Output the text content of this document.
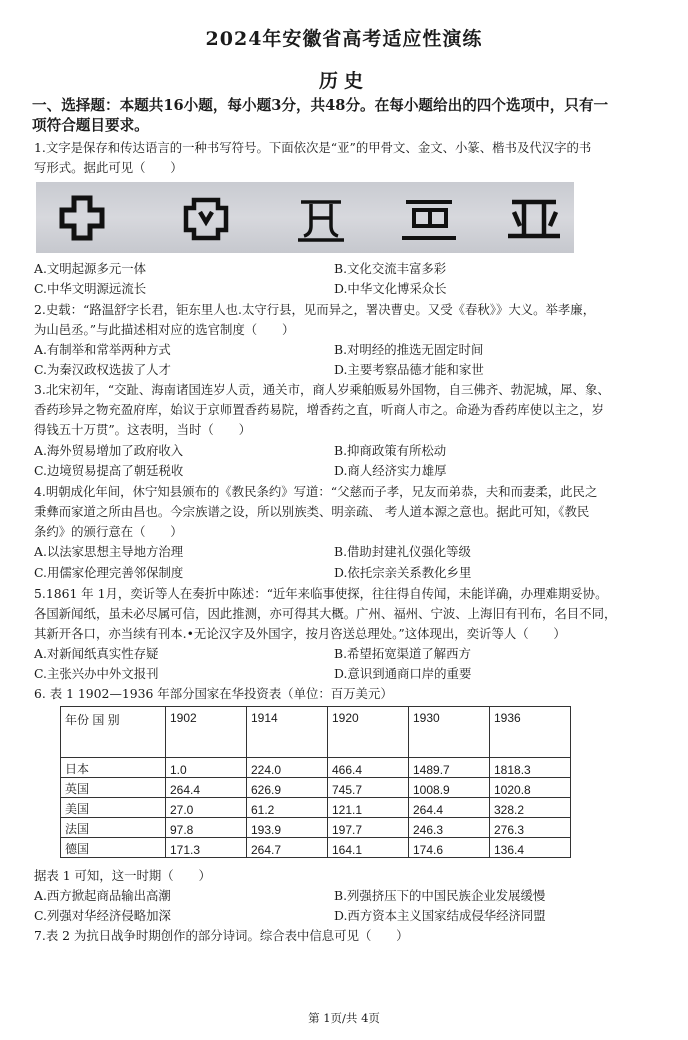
2024年安徽省高考适应性演练
历史
一、选择题：本题共16小题，每小题3分，共48分。在每小题给出的四个选项中，只有一
项符合题目要求。
1.文字是保存和传达语言的一种书写符号。下面依次是“亚”的甲骨文、金文、小篆、楷书及代汉字的书
写形式。据此可见（　　）
A.文明起源多元一体	B.文化交流丰富多彩
C.中华文明源远流长	D.中华文化博采众长
2.史载：“路温舒字长君，钜东里人也.太守行县，见而异之，署决曹史。又受《春秋》》大义。举孝廉，
为山邑丞。”与此描述相对应的选官制度（　　）
A.有制举和常举两种方式	B.对明经的推选无固定时间
C.为秦汉政权选拔了人才	D.主要考察品德才能和家世
3.北宋初年，“交趾、海南诸国连岁人贡，通关市，商人岁乘舶贩易外国物，自三佛齐、勃泥城，犀、象、
香药珍异之物充盈府库，始议于京师置香药易院，增香药之直，听商人市之。命逊为香药库使以主之，岁
得钱五十万贯”。这表明，当时（　　）
A.海外贸易增加了政府收入	B.抑商政策有所松动
C.边境贸易提高了朝廷税收	D.商人经济实力雄厚
4.明朝成化年间，休宁知县颁布的《教民条约》写道：“父慈而子孝，兄友而弟恭，夫和而妻柔，此民之
秉彝而家道之所由昌也。今宗族谱之设，所以别族类、明亲疏、 考人道本源之意也。据此可知，《教民
条约》的颁行意在（　　）
A.以法家思想主导地方治理	B.借助封建礼仪强化等级
C.用儒家伦理完善邻保制度	D.依托宗亲关系教化乡里
5.1861 年 1月，奕䜣等人在奏折中陈述：“近年来临事使探，往往得自传闻，未能详确，办理难期妥协。
各国新闻纸，虽未必尽属可信，因此推测，亦可得其大概。广州、福州、宁波、上海旧有刊布，名目不同，
其新开各口，亦当续有刊本.•无论汉字及外国字，按月咨送总理处。”这体现出，奕䜣等人（　　）
A.对新闻纸真实性存疑	B.希望拓宽渠道了解西方
C.主张兴办中外文报刊	D.意识到通商口岸的重要
6. 表 1 1902—1936 年部分国家在华投资表（单位：百万美元）
年份 国 别	1902	1914	1920	1930	1936
日本	1.0	224.0	466.4	1489.7	1818.3
英国	264.4	626.9	745.7	1008.9	1020.8
美国	27.0	61.2	121.1	264.4	328.2
法国	97.8	193.9	197.7	246.3	276.3
德国	171.3	264.7	164.1	174.6	136.4
据表 1 可知，这一时期（　　）
A.西方掀起商品输出高潮	B.列强挤压下的中国民族企业发展缓慢
C.列强对华经济侵略加深	D.西方资本主义国家结成侵华经济同盟
7.表 2 为抗日战争时期创作的部分诗词。综合表中信息可见（　　）
第 1页/共 4页
